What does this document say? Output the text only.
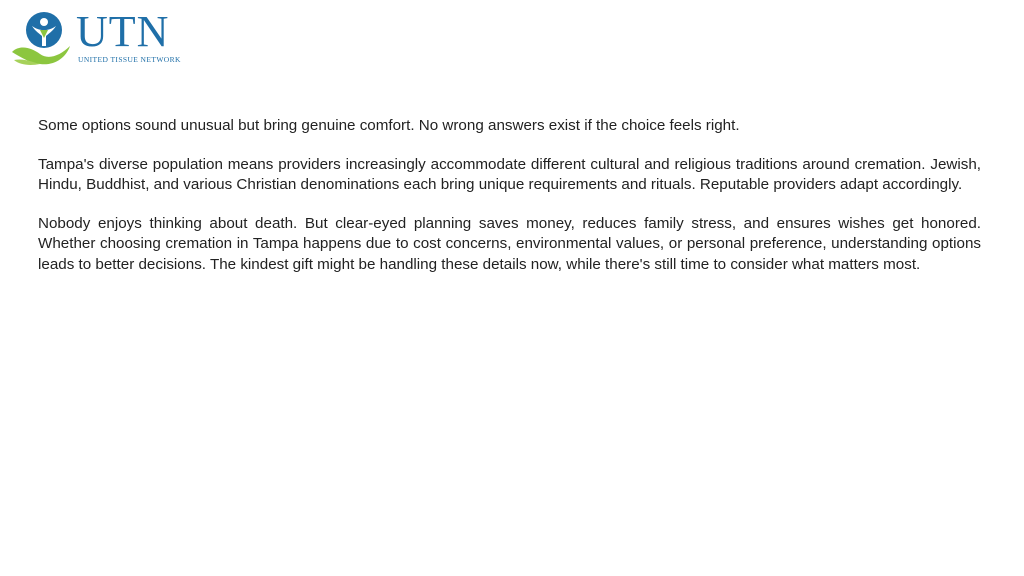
UTN
UNITED TISSUE NETWORK

Some options sound unusual but bring genuine comfort. No wrong answers exist if the choice feels right.

Tampa's diverse population means providers increasingly accommodate different cultural and religious traditions around cremation. Jewish, Hindu, Buddhist, and various Christian denominations each bring unique requirements and rituals. Reputable providers adapt accordingly.

Nobody enjoys thinking about death. But clear-eyed planning saves money, reduces family stress, and ensures wishes get honored. Whether choosing cremation in Tampa happens due to cost concerns, environmental values, or personal preference, understanding options leads to better decisions. The kindest gift might be handling these details now, while there's still time to consider what matters most.
